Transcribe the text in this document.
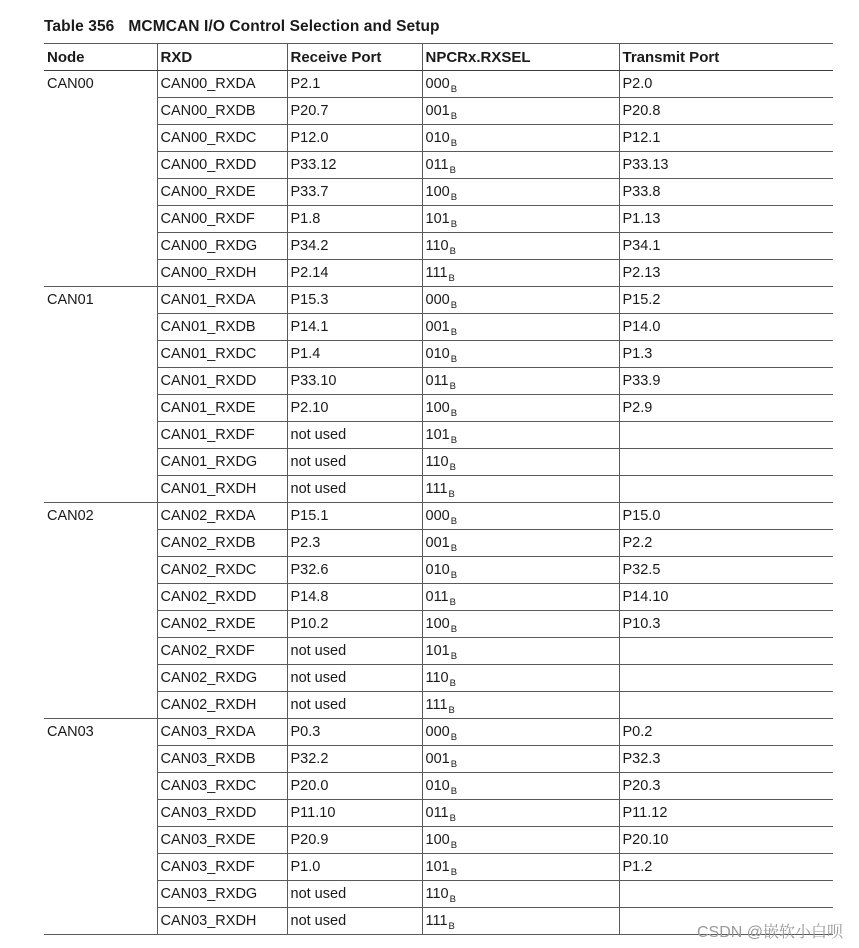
Table 356 MCMCAN I/O Control Selection and Setup
Node	RXD	Receive Port	NPCRx.RXSEL	Transmit Port
CAN00	CAN00_RXDA	P2.1	$000_B$	P2.0
	CAN00_RXDB	P20.7	$001_B$	P20.8
	CAN00_RXDC	P12.0	$010_B$	P12.1
	CAN00_RXDD	P33.12	$011_B$	P33.13
	CAN00_RXDE	P33.7	$100_B$	P33.8
	CAN00_RXDF	P1.8	$101_B$	P1.13
	CAN00_RXDG	P34.2	$110_B$	P34.1
	CAN00_RXDH	P2.14	$111_B$	P2.13
CAN01	CAN01_RXDA	P15.3	$000_B$	P15.2
	CAN01_RXDB	P14.1	$001_B$	P14.0
	CAN01_RXDC	P1.4	$010_B$	P1.3
	CAN01_RXDD	P33.10	$011_B$	P33.9
	CAN01_RXDE	P2.10	$100_B$	P2.9
	CAN01_RXDF	not used	$101_B$	
	CAN01_RXDG	not used	$110_B$	
	CAN01_RXDH	not used	$111_B$	
CAN02	CAN02_RXDA	P15.1	$000_B$	P15.0
	CAN02_RXDB	P2.3	$001_B$	P2.2
	CAN02_RXDC	P32.6	$010_B$	P32.5
	CAN02_RXDD	P14.8	$011_B$	P14.10
	CAN02_RXDE	P10.2	$100_B$	P10.3
	CAN02_RXDF	not used	$101_B$	
	CAN02_RXDG	not used	$110_B$	
	CAN02_RXDH	not used	$111_B$	
CAN03	CAN03_RXDA	P0.3	$000_B$	P0.2
	CAN03_RXDB	P32.2	$001_B$	P32.3
	CAN03_RXDC	P20.0	$010_B$	P20.3
	CAN03_RXDD	P11.10	$011_B$	P11.12
	CAN03_RXDE	P20.9	$100_B$	P20.10
	CAN03_RXDF	P1.0	$101_B$	P1.2
	CAN03_RXDG	not used	$110_B$	
	CAN03_RXDH	not used	$111_B$		CSDN @嵌软小白呗
